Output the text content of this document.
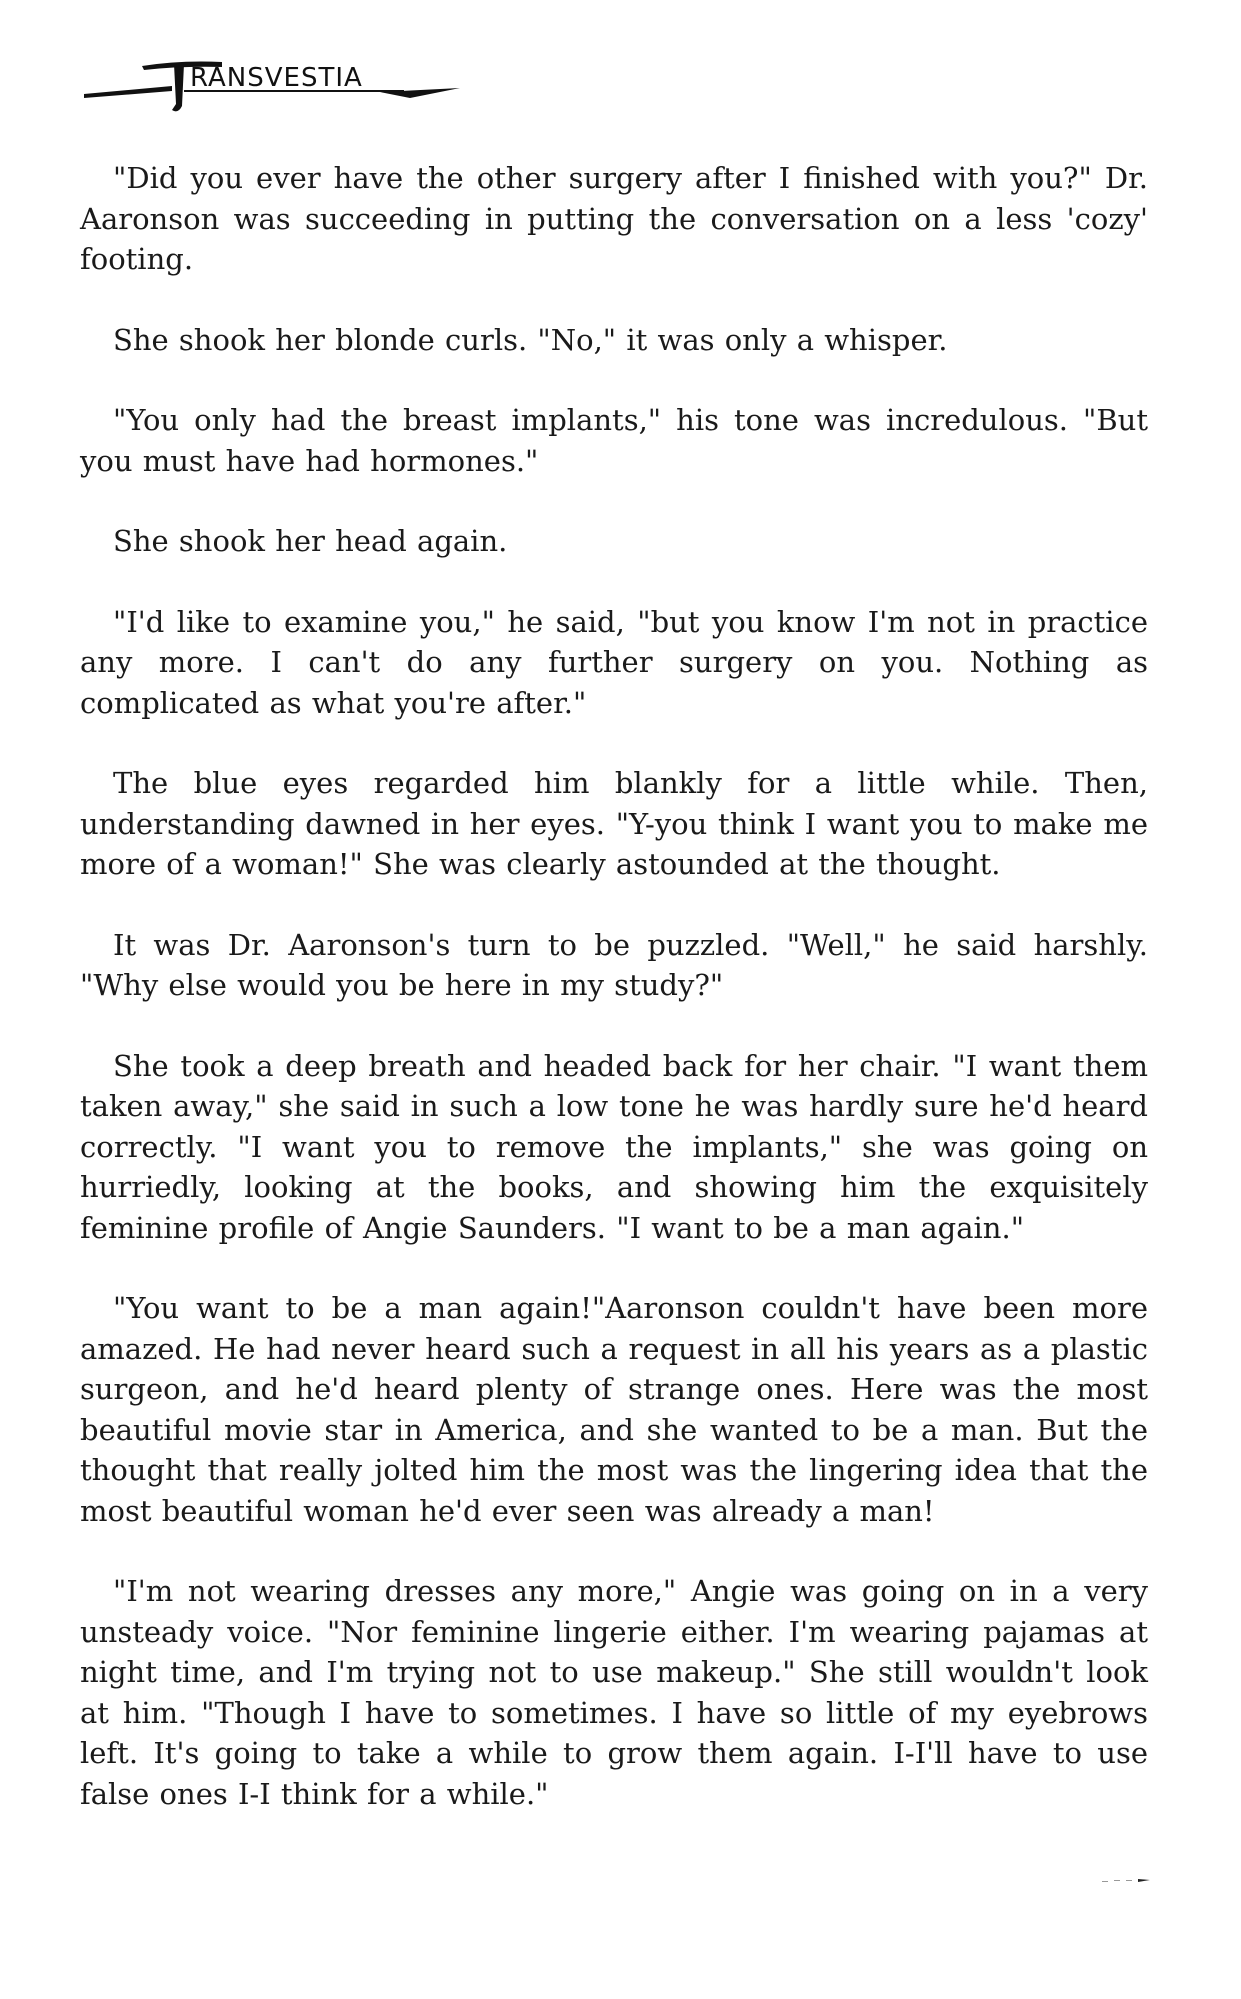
RANSVESTIA

"Did you ever have the other surgery after I finished with you?" Dr. Aaronson was succeeding in putting the conversation on a less 'cozy' footing.

She shook her blonde curls. "No," it was only a whisper.

"You only had the breast implants," his tone was incredulous. "But you must have had hormones."

She shook her head again.

"I'd like to examine you," he said, "but you know I'm not in practice any more. I can't do any further surgery on you. Nothing as complicated as what you're after."

The blue eyes regarded him blankly for a little while. Then, understanding dawned in her eyes. "Y-you think I want you to make me more of a woman!" She was clearly astounded at the thought.

It was Dr. Aaronson's turn to be puzzled. "Well," he said harshly. "Why else would you be here in my study?"

She took a deep breath and headed back for her chair. "I want them taken away," she said in such a low tone he was hardly sure he'd heard correctly. "I want you to remove the implants," she was going on hurriedly, looking at the books, and showing him the exquisitely feminine profile of Angie Saunders. "I want to be a man again."

"You want to be a man again!"Aaronson couldn't have been more amazed. He had never heard such a request in all his years as a plastic surgeon, and he'd heard plenty of strange ones. Here was the most beautiful movie star in America, and she wanted to be a man. But the thought that really jolted him the most was the lingering idea that the most beautiful woman he'd ever seen was already a man!

"I'm not wearing dresses any more," Angie was going on in a very unsteady voice. "Nor feminine lingerie either. I'm wearing pajamas at night time, and I'm trying not to use makeup." She still wouldn't look at him. "Though I have to sometimes. I have so little of my eyebrows left. It's going to take a while to grow them again. I-I'll have to use false ones I-I think for a while."
